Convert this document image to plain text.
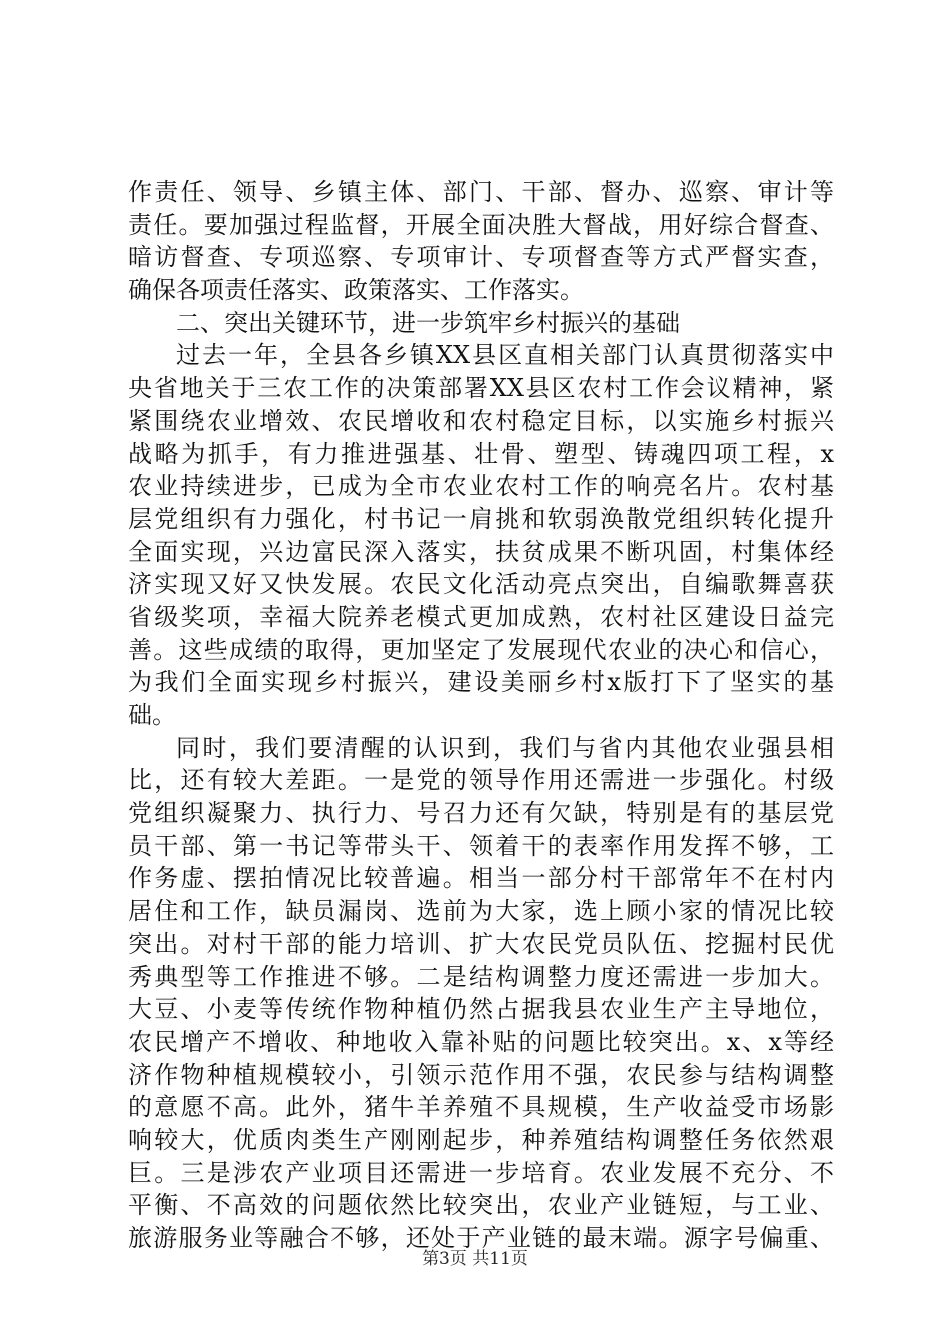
作责任、领导、乡镇主体、部门、干部、督办、巡察、审计等
责任。要加强过程监督，开展全面决胜大督战，用好综合督查、
暗访督查、专项巡察、专项审计、专项督查等方式严督实查，
确保各项责任落实、政策落实、工作落实。
二、突出关键环节，进一步筑牢乡村振兴的基础
过去一年，全县各乡镇XX县区直相关部门认真贯彻落实中
央省地关于三农工作的决策部署XX县区农村工作会议精神，紧
紧围绕农业增效、农民增收和农村稳定目标，以实施乡村振兴
战略为抓手，有力推进强基、壮骨、塑型、铸魂四项工程，x
农业持续进步，已成为全市农业农村工作的响亮名片。农村基
层党组织有力强化，村书记一肩挑和软弱涣散党组织转化提升
全面实现，兴边富民深入落实，扶贫成果不断巩固，村集体经
济实现又好又快发展。农民文化活动亮点突出，自编歌舞喜获
省级奖项，幸福大院养老模式更加成熟，农村社区建设日益完
善。这些成绩的取得，更加坚定了发展现代农业的决心和信心，
为我们全面实现乡村振兴，建设美丽乡村x版打下了坚实的基
础。
同时，我们要清醒的认识到，我们与省内其他农业强县相
比，还有较大差距。一是党的领导作用还需进一步强化。村级
党组织凝聚力、执行力、号召力还有欠缺，特别是有的基层党
员干部、第一书记等带头干、领着干的表率作用发挥不够，工
作务虚、摆拍情况比较普遍。相当一部分村干部常年不在村内
居住和工作，缺员漏岗、选前为大家，选上顾小家的情况比较
突出。对村干部的能力培训、扩大农民党员队伍、挖掘村民优
秀典型等工作推进不够。二是结构调整力度还需进一步加大。
大豆、小麦等传统作物种植仍然占据我县农业生产主导地位，
农民增产不增收、种地收入靠补贴的问题比较突出。x、x等经
济作物种植规模较小，引领示范作用不强，农民参与结构调整
的意愿不高。此外，猪牛羊养殖不具规模，生产收益受市场影
响较大，优质肉类生产刚刚起步，种养殖结构调整任务依然艰
巨。三是涉农产业项目还需进一步培育。农业发展不充分、不
平衡、不高效的问题依然比较突出，农业产业链短，与工业、
旅游服务业等融合不够，还处于产业链的最末端。源字号偏重、
第3页 共11页
